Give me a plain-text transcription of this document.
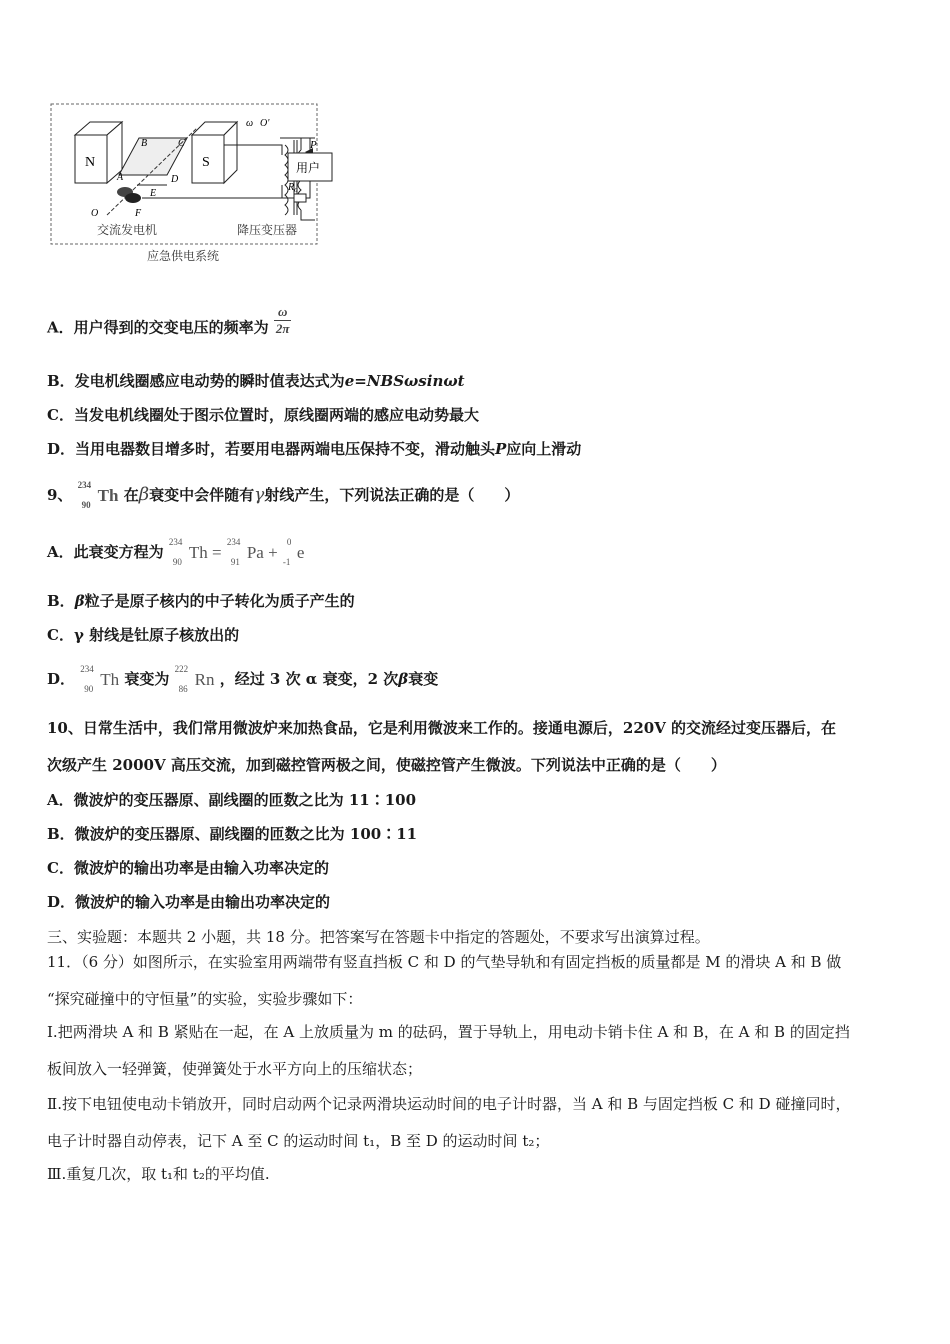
N	S
P
O'
ω
B	C
D
A
E
F
O
交流发电机	降压变压器
应急供电系统
用户
R₀
A．用户得到的交变电压的频率为 $\frac{\omega}{2\pi}$
B．发电机线圈感应电动势的瞬时值表达式为e=NBSωsinωt
C．当发电机线圈处于图示位置时，原线圈两端的感应电动势最大
D．当用电器数目增多时，若要用电器两端电压保持不变，滑动触头P应向上滑动
9、
234
90 Th 在β衰变中会伴随有γ射线产生，下列说法正确的是（　　）
A．此衰变方程为
234
90 Th =
234
91 Pa +
0
-1 e
B．β粒子是原子核内的中子转化为质子产生的
C．γ 射线是钍原子核放出的
D．
234
90 Th 衰变为
222
86 Rn ，经过 3 次 α 衰变，2 次β衰变
10、日常生活中，我们常用微波炉来加热食品，它是利用微波来工作的。接通电源后，220V 的交流经过变压器后，在
次级产生 2000V 高压交流，加到磁控管两极之间，使磁控管产生微波。下列说法中正确的是（　　）
A．微波炉的变压器原、副线圈的匝数之比为 11∶100
B．微波炉的变压器原、副线圈的匝数之比为 100∶11
C．微波炉的输出功率是由输入功率决定的
D．微波炉的输入功率是由输出功率决定的
三、实验题：本题共 2 小题，共 18 分。把答案写在答题卡中指定的答题处，不要求写出演算过程。
11．（6 分）如图所示，在实验室用两端带有竖直挡板 C 和 D 的气垫导轨和有固定挡板的质量都是 M 的滑块 A 和 B 做
“探究碰撞中的守恒量”的实验，实验步骤如下：
Ⅰ.把两滑块 A 和 B 紧贴在一起，在 A 上放质量为 m 的砝码，置于导轨上，用电动卡销卡住 A 和 B，在 A 和 B 的固定挡
板间放入一轻弹簧，使弹簧处于水平方向上的压缩状态；
Ⅱ.按下电钮使电动卡销放开，同时启动两个记录两滑块运动时间的电子计时器，当 A 和 B 与固定挡板 C 和 D 碰撞同时，
电子计时器自动停表，记下 A 至 C 的运动时间 t₁，B 至 D 的运动时间 t₂；
Ⅲ.重复几次，取 t₁和 t₂的平均值.
